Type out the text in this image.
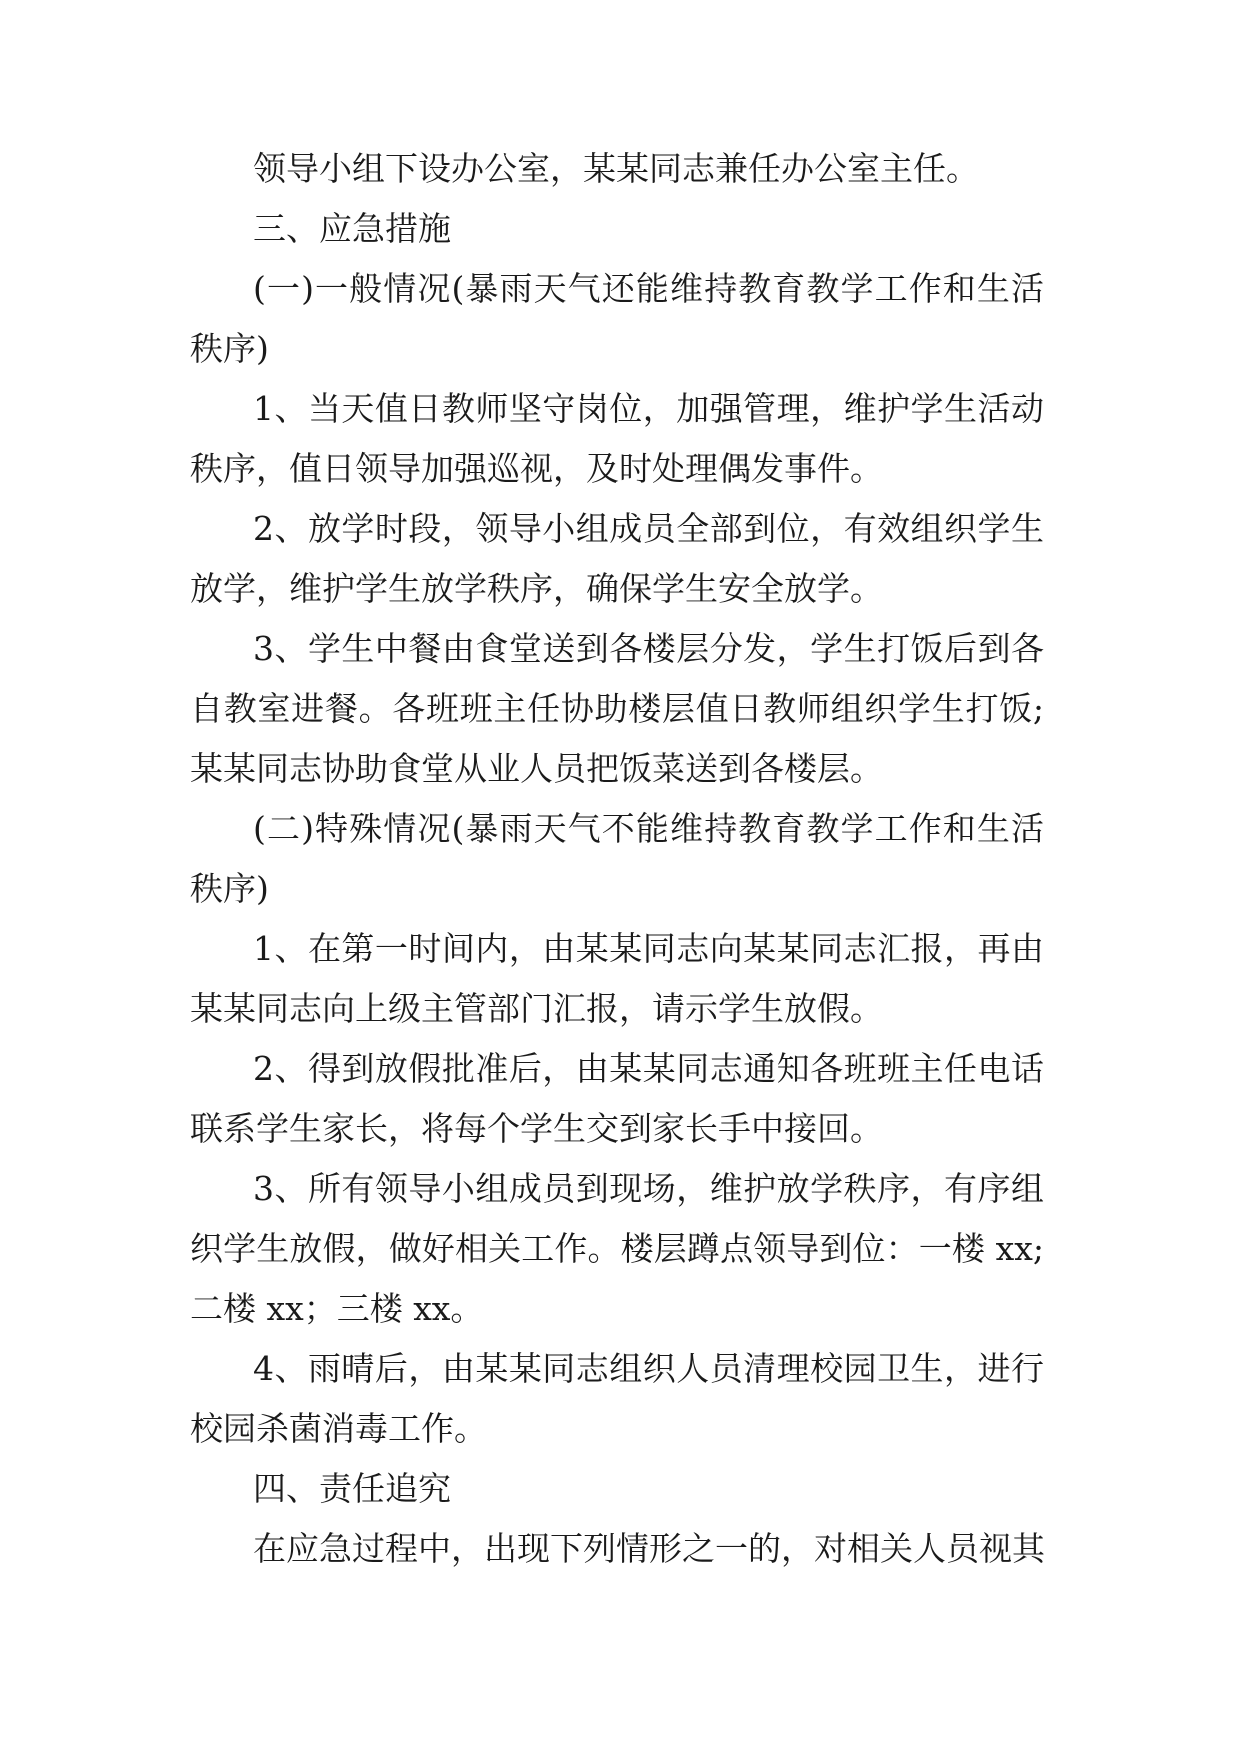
领导小组下设办公室，某某同志兼任办公室主任。
三、应急措施
(一)一般情况(暴雨天气还能维持教育教学工作和生活
秩序)
1、当天值日教师坚守岗位，加强管理，维护学生活动
秩序，值日领导加强巡视，及时处理偶发事件。
2、放学时段，领导小组成员全部到位，有效组织学生
放学，维护学生放学秩序，确保学生安全放学。
3、学生中餐由食堂送到各楼层分发，学生打饭后到各
自教室进餐。各班班主任协助楼层值日教师组织学生打饭;
某某同志协助食堂从业人员把饭菜送到各楼层。
(二)特殊情况(暴雨天气不能维持教育教学工作和生活
秩序)
1、在第一时间内，由某某同志向某某同志汇报，再由
某某同志向上级主管部门汇报，请示学生放假。
2、得到放假批准后，由某某同志通知各班班主任电话
联系学生家长，将每个学生交到家长手中接回。
3、所有领导小组成员到现场，维护放学秩序，有序组
织学生放假，做好相关工作。楼层蹲点领导到位：一楼 xx;
二楼 xx；三楼 xx。
4、雨晴后，由某某同志组织人员清理校园卫生，进行
校园杀菌消毒工作。
四、责任追究
在应急过程中，出现下列情形之一的，对相关人员视其
